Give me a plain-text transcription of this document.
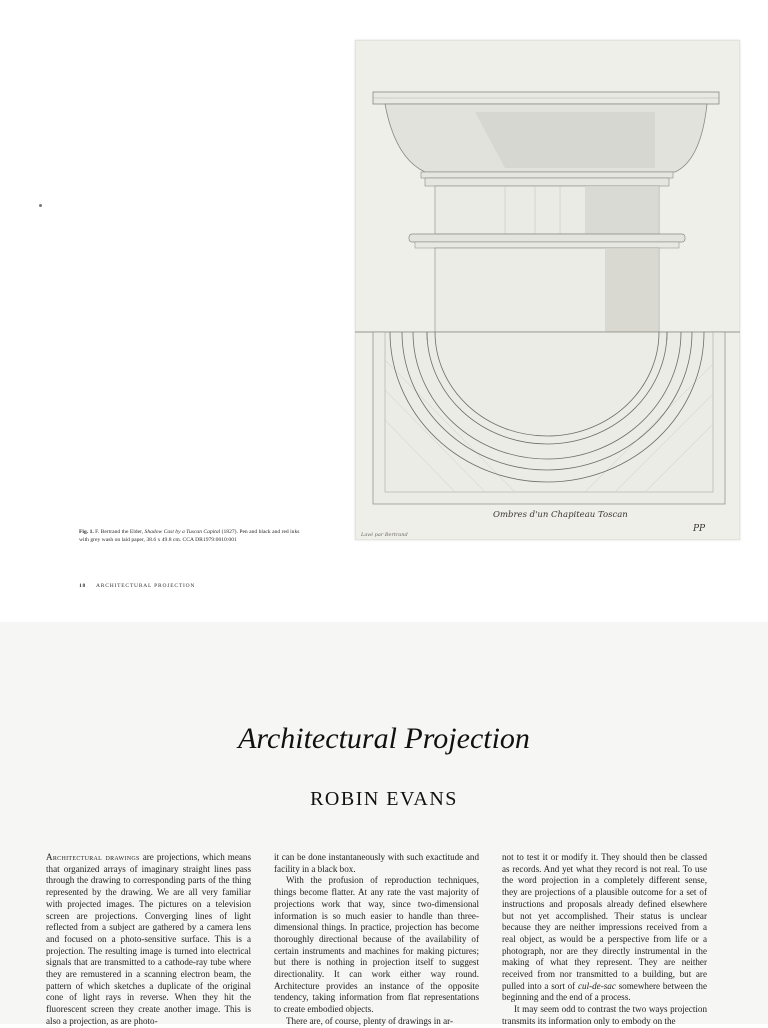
Ombres d'un Chapiteau Toscan
Lavé par Bertrand
PP
Fig. 1. F. Bertrand the Elder, Shadow Cast by a Tuscan Capital (1827). Pen and black and red inks with grey wash on laid paper, 38.6 x 49.8 cm. CCA DR1979:0010:001
18 ARCHITECTURAL PROJECTION
Architectural Projection
ROBIN EVANS

Architectural drawings are projections, which means that organized arrays of imaginary straight lines pass through the drawing to corresponding parts of the thing represented by the drawing. We are all very familiar with projected images. The pictures on a television screen are projections. Converging lines of light reflected from a subject are gathered by a camera lens and focused on a photo-sensitive surface. This is a projection. The resulting image is turned into electrical signals that are transmitted to a cathode-ray tube where they are remustered in a scanning electron beam, the pattern of which sketches a duplicate of the original cone of light rays in reverse. When they hit the fluorescent screen they create another image. This is also a projection, as are photo-

it can be done instantaneously with such exactitude and facility in a black box.

With the profusion of reproduction techniques, things become flatter. At any rate the vast majority of projections work that way, since two-dimensional information is so much easier to handle than three-dimensional things. In practice, projection has become thoroughly directional because of the availability of certain instruments and machines for making pictures; but there is nothing in projection itself to suggest directionality. It can work either way round. Architecture provides an instance of the opposite tendency, taking information from flat representations to create embodied objects.

There are, of course, plenty of drawings in ar-

not to test it or modify it. They should then be classed as records. And yet what they record is not real. To use the word projection in a completely different sense, they are projections of a plausible outcome for a set of instructions and proposals already defined elsewhere but not yet accomplished. Their status is unclear because they are neither impressions received from a real object, as would be a perspective from life or a photograph, nor are they directly instrumental in the making of what they represent. They are neither received from nor transmitted to a building, but are pulled into a sort of cul-de-sac somewhere between the beginning and the end of a process.

It may seem odd to contrast the two ways projection transmits its information only to embody on the
